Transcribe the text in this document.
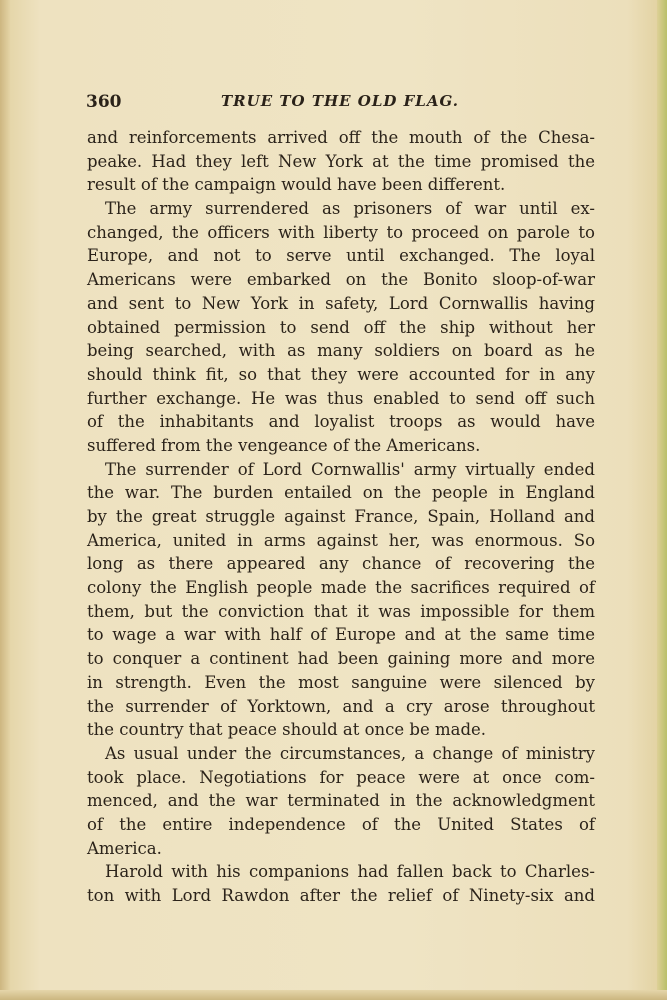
360	TRUE TO THE OLD FLAG.
and reinforcements arrived off the mouth of the Chesa-
peake. Had they left New York at the time promised the
result of the campaign would have been different.
The army surrendered as prisoners of war until ex-
changed, the officers with liberty to proceed on parole to
Europe, and not to serve until exchanged. The loyal
Americans were embarked on the Bonito sloop-of-war
and sent to New York in safety, Lord Cornwallis having
obtained permission to send off the ship without her
being searched, with as many soldiers on board as he
should think fit, so that they were accounted for in any
further exchange. He was thus enabled to send off such
of the inhabitants and loyalist troops as would have
suffered from the vengeance of the Americans.
The surrender of Lord Cornwallis' army virtually ended
the war. The burden entailed on the people in England
by the great struggle against France, Spain, Holland and
America, united in arms against her, was enormous. So
long as there appeared any chance of recovering the
colony the English people made the sacrifices required of
them, but the conviction that it was impossible for them
to wage a war with half of Europe and at the same time
to conquer a continent had been gaining more and more
in strength. Even the most sanguine were silenced by
the surrender of Yorktown, and a cry arose throughout
the country that peace should at once be made.
As usual under the circumstances, a change of ministry
took place. Negotiations for peace were at once com-
menced, and the war terminated in the acknowledgment
of the entire independence of the United States of
America.
Harold with his companions had fallen back to Charles-
ton with Lord Rawdon after the relief of Ninety-six and
